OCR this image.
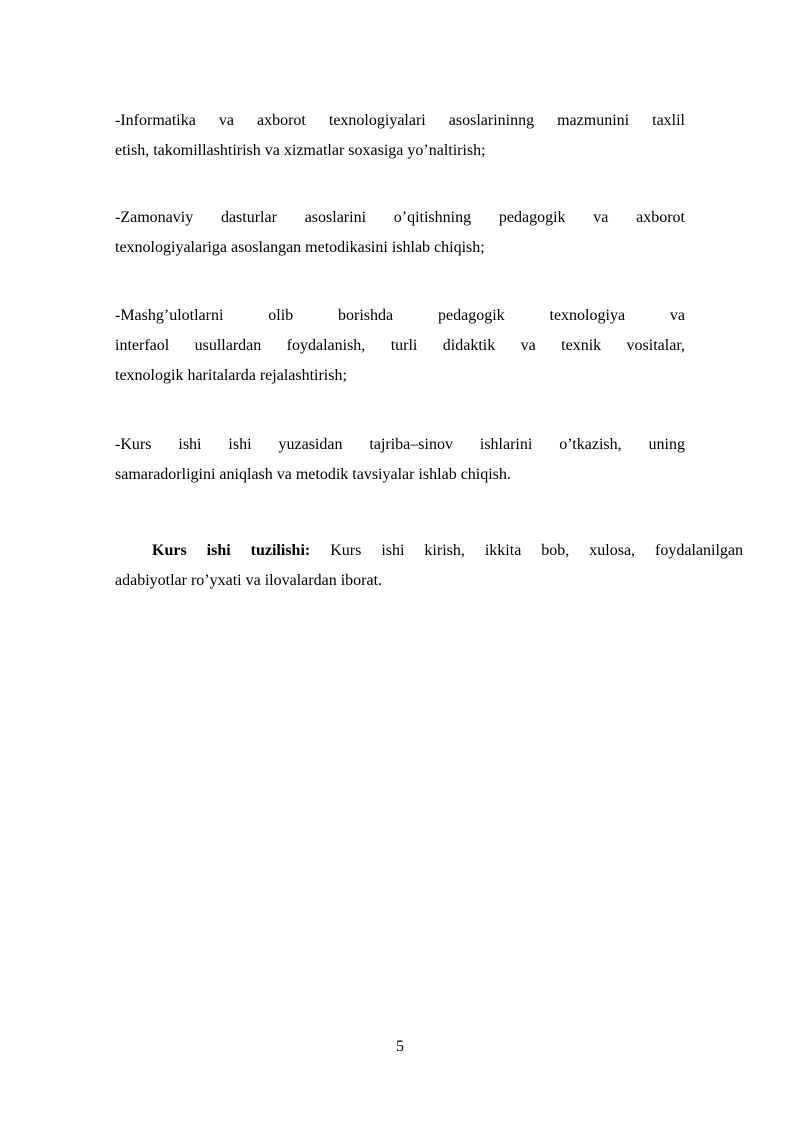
-Informatika va axborot texnologiyalari asoslarininng mazmunini taxlil
etish, takomillashtirish va xizmatlar soxasiga yo’naltirish;
-Zamonaviy dasturlar asoslarini o’qitishning pedagogik va axborot
texnologiyalariga asoslangan metodikasini ishlab chiqish;
-Mashg’ulotlarni olib borishda pedagogik texnologiya va
interfaol usullardan foydalanish, turli didaktik va texnik vositalar,
texnologik haritalarda rejalashtirish;
-Kurs ishi ishi yuzasidan tajriba–sinov ishlarini o’tkazish, uning
samaradorligini aniqlash va metodik tavsiyalar ishlab chiqish.
Kurs ishi tuzilishi: Kurs ishi kirish, ikkita bob, xulosa, foydalanilgan
adabiyotlar ro’yxati va ilovalardan iborat.
5
